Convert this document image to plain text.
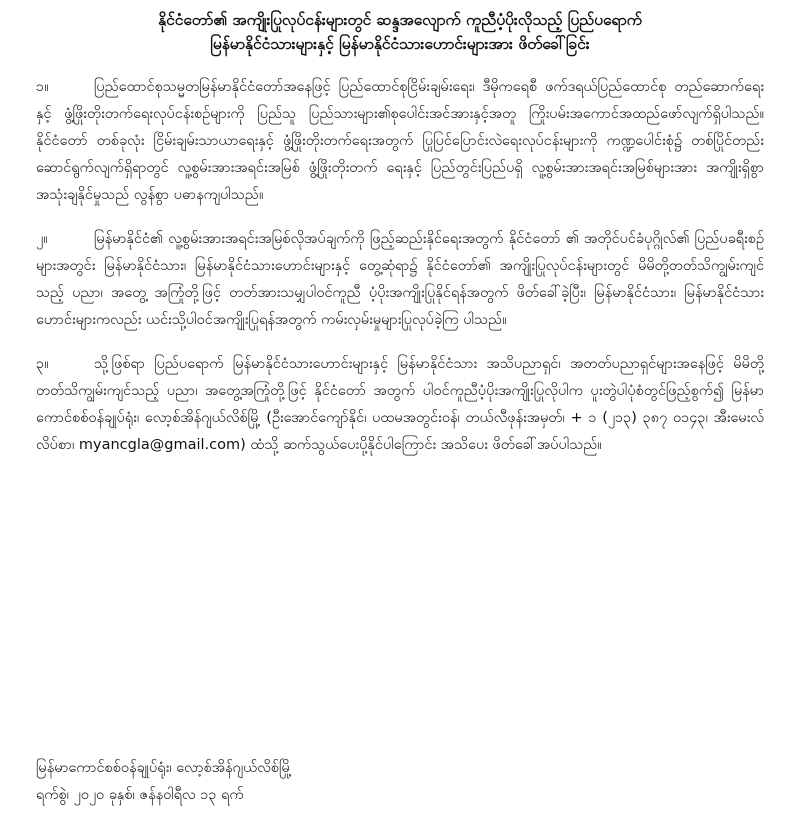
နိုင်ငံတော်၏ အကျိုးပြုလုပ်ငန်းများတွင် ဆန္ဒအလျောက် ကူညီပံ့ပိုးလိုသည့် ပြည်ပရောက်
မြန်မာနိုင်ငံသားများနှင့် မြန်မာနိုင်ငံသားဟောင်းများအား ဖိတ်ခေါ်ခြင်း

၁။	ပြည်ထောင်စုသမ္မတမြန်မာနိုင်ငံတော်အနေဖြင့် ပြည်ထောင်စုငြိမ်းချမ်းရေး၊ ဒီမိုကရေစီ ဖက်ဒရယ်ပြည်ထောင်စု တည်ဆောက်ရေးနှင့် ဖွံ့ဖြိုးတိုးတက်ရေးလုပ်ငန်းစဉ်များကို ပြည်သူ ပြည်သားများ၏စုပေါင်းအင်အားနှင့်အတူ ကြိုးပမ်းအကောင်အထည်ဖော်လျက်ရှိပါသည်။ နိုင်ငံတော် တစ်ခုလုံး ငြိမ်းချမ်းသာယာရေးနှင့် ဖွံ့ဖြိုးတိုးတက်ရေးအတွက် ပြုပြင်ပြောင်းလဲရေးလုပ်ငန်းများကို ကဏ္ဍပေါင်းစုံ၌ တစ်ပြိုင်တည်း ဆောင်ရွက်လျက်ရှိရာတွင် လူ့စွမ်းအားအရင်းအမြစ် ဖွံ့ဖြိုးတိုးတက် ရေးနှင့် ပြည်တွင်းပြည်ပရှိ လူ့စွမ်းအားအရင်းအမြစ်များအား အကျိုးရှိစွာအသုံးချနိုင်မှုသည် လွန်စွာ ပဓာနကျပါသည်။

၂။	မြန်မာနိုင်ငံ၏ လူ့စွမ်းအားအရင်းအမြစ်လိုအပ်ချက်ကို ဖြည့်ဆည်းနိုင်ရေးအတွက် နိုင်ငံတော် ၏ အတိုင်ပင်ခံပုဂ္ဂိုလ်၏ ပြည်ပခရီးစဉ်များအတွင်း မြန်မာနိုင်ငံသား၊ မြန်မာနိုင်ငံသားဟောင်းများနှင့် တွေ့ဆုံရာ၌ နိုင်ငံတော်၏ အကျိုးပြုလုပ်ငန်းများတွင် မိမိတို့တတ်သိကျွမ်းကျင်သည့် ပညာ၊ အတွေ့ အကြုံတို့ဖြင့် တတ်အားသမျှပါဝင်ကူညီ ပံ့ပိုးအကျိုးပြုနိုင်ရန်အတွက် ဖိတ်ခေါ်ခဲ့ပြီး၊ မြန်မာနိုင်ငံသား၊ မြန်မာနိုင်ငံသားဟောင်းများကလည်း ယင်းသို့ပါဝင်အကျိုးပြုရန်အတွက် ကမ်းလှမ်းမှုများပြုလုပ်ခဲ့ကြ ပါသည်။

၃။	သို့ဖြစ်ရာ ပြည်ပရောက် မြန်မာနိုင်ငံသားဟောင်းများနှင့် မြန်မာနိုင်ငံသား အသိပညာရှင်၊ အတတ်ပညာရှင်များအနေဖြင့် မိမိတို့ တတ်သိကျွမ်းကျင်သည့် ပညာ၊ အတွေ့အကြုံတို့ဖြင့် နိုင်ငံတော် အတွက် ပါဝင်ကူညီပံ့ပိုးအကျိုးပြုလိုပါက ပူးတွဲပါပုံစံတွင်ဖြည့်စွက်၍ မြန်မာကောင်စစ်ဝန်ချုပ်ရုံး၊ လော့စ်အိန်ဂျယ်လိစ်မြို့ (ဦးအောင်ကျော်နိုင်၊ ပထမအတွင်းဝန်၊ တယ်လီဖုန်းအမှတ်၊ + ၁ (၂၁၃) ၃၈၇ ၀၁၄၃၊ အီးမေးလ်လိပ်စာ၊ myancgla@gmail.com) ထံသို့ ဆက်သွယ်ပေးပို့နိုင်ပါကြောင်း အသိပေး ဖိတ်ခေါ်အပ်ပါသည်။

မြန်မာကောင်စစ်ဝန်ချုပ်ရုံး၊ လော့စ်အိန်ဂျယ်လိစ်မြို့
ရက်စွဲ၊ ၂၀၂၀ ခုနှစ်၊ ဇန်နဝါရီလ ၁၃ ရက်
